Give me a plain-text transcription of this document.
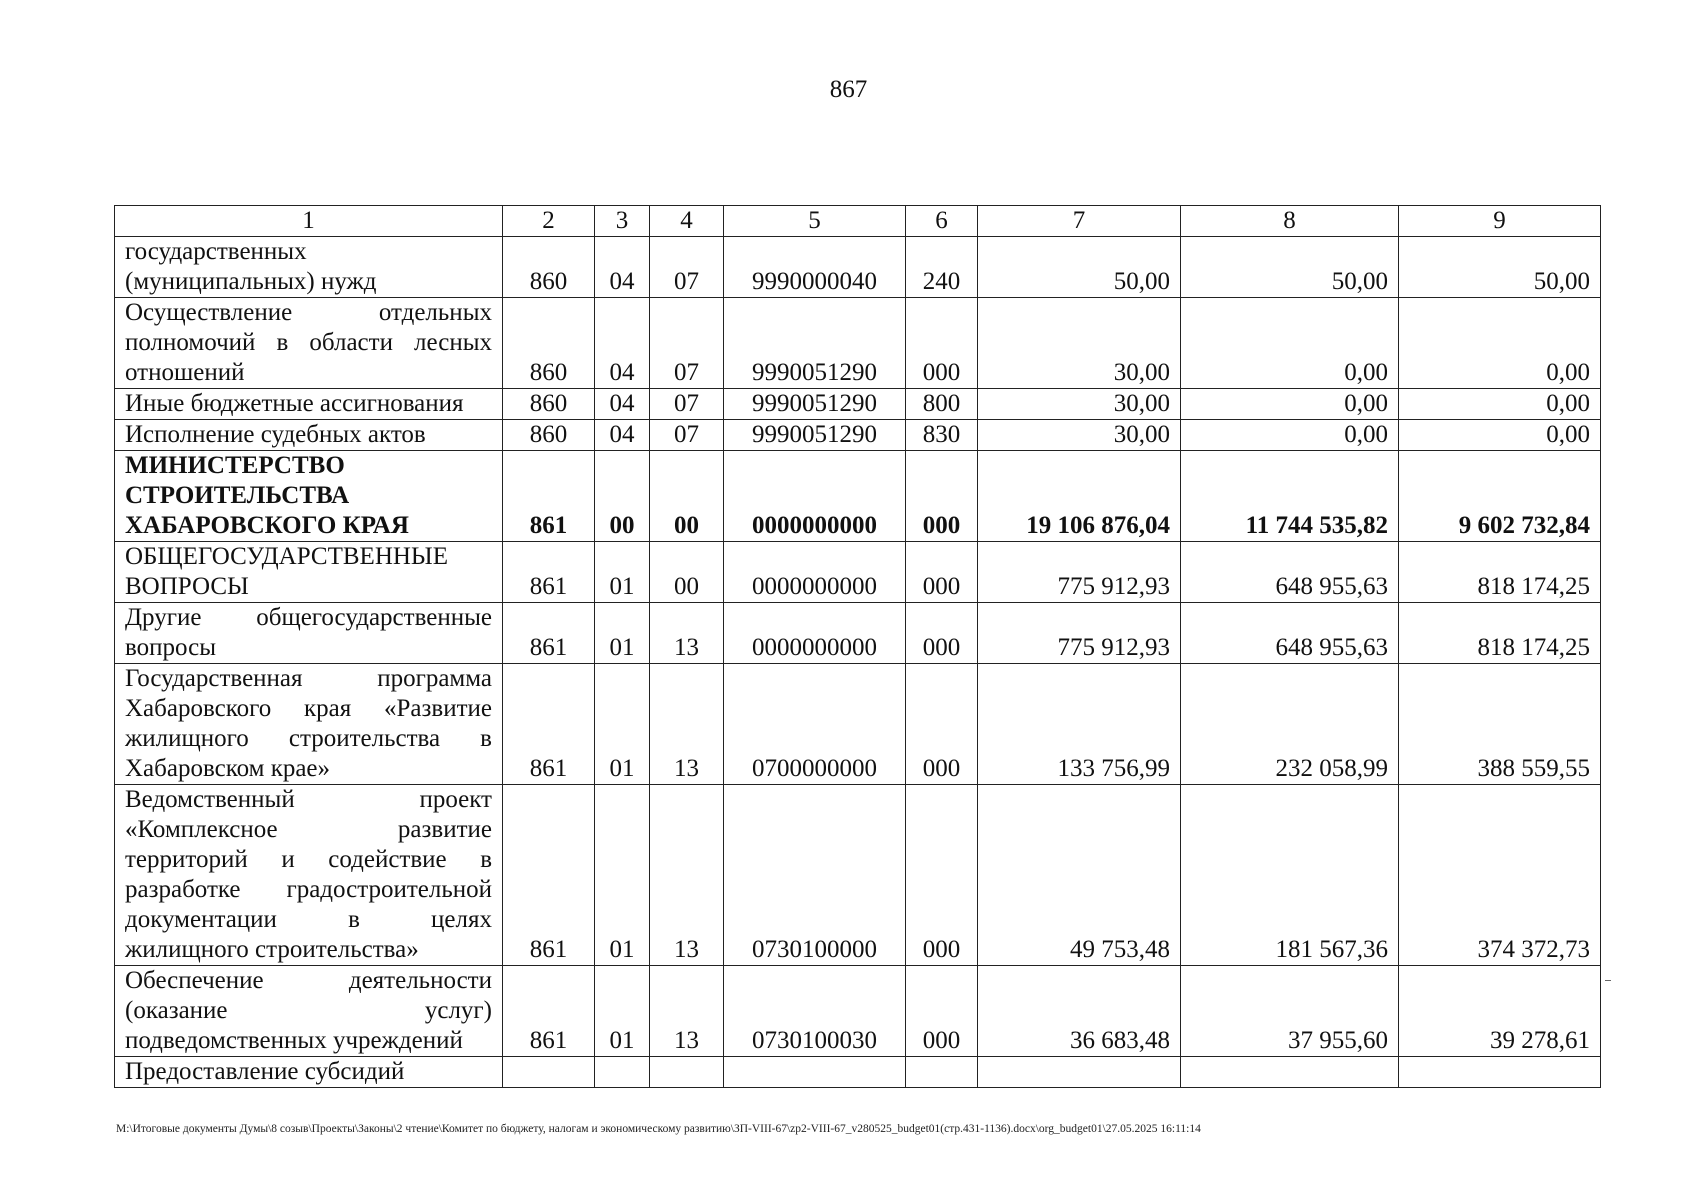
867
1	2	3	4	5	6	7	8	9
государственных (муниципальных) нужд	860	04	07	9990000040	240	50,00	50,00	50,00
Осуществление отдельных полномочий в области лесных отношений	860	04	07	9990051290	000	30,00	0,00	0,00
Иные бюджетные ассигнования	860	04	07	9990051290	800	30,00	0,00	0,00
Исполнение судебных актов	860	04	07	9990051290	830	30,00	0,00	0,00
МИНИСТЕРСТВО СТРОИТЕЛЬСТВА ХАБАРОВСКОГО КРАЯ	861	00	00	0000000000	000	19 106 876,04	11 744 535,82	9 602 732,84
ОБЩЕГОСУДАРСТВЕННЫЕ ВОПРОСЫ	861	01	00	0000000000	000	775 912,93	648 955,63	818 174,25
Другие общегосударственные вопросы	861	01	13	0000000000	000	775 912,93	648 955,63	818 174,25
Государственная программа Хабаровского края «Развитие жилищного строительства в Хабаровском крае»	861	01	13	0700000000	000	133 756,99	232 058,99	388 559,55
Ведомственный проект «Комплексное развитие территорий и содействие в разработке градостроительной документации в целях жилищного строительства»	861	01	13	0730100000	000	49 753,48	181 567,36	374 372,73
Обеспечение деятельности (оказание услуг) подведомственных учреждений	861	01	13	0730100030	000	36 683,48	37 955,60	39 278,61
Предоставление субсидий								
M:\Итоговые документы Думы\8 созыв\Проекты\Законы\2 чтение\Комитет по бюджету, налогам и экономическому развитию\ЗП-VIII-67\zp2-VIII-67_v280525_budget01(стр.431-1136).docx\org_budget01\27.05.2025 16:11:14
